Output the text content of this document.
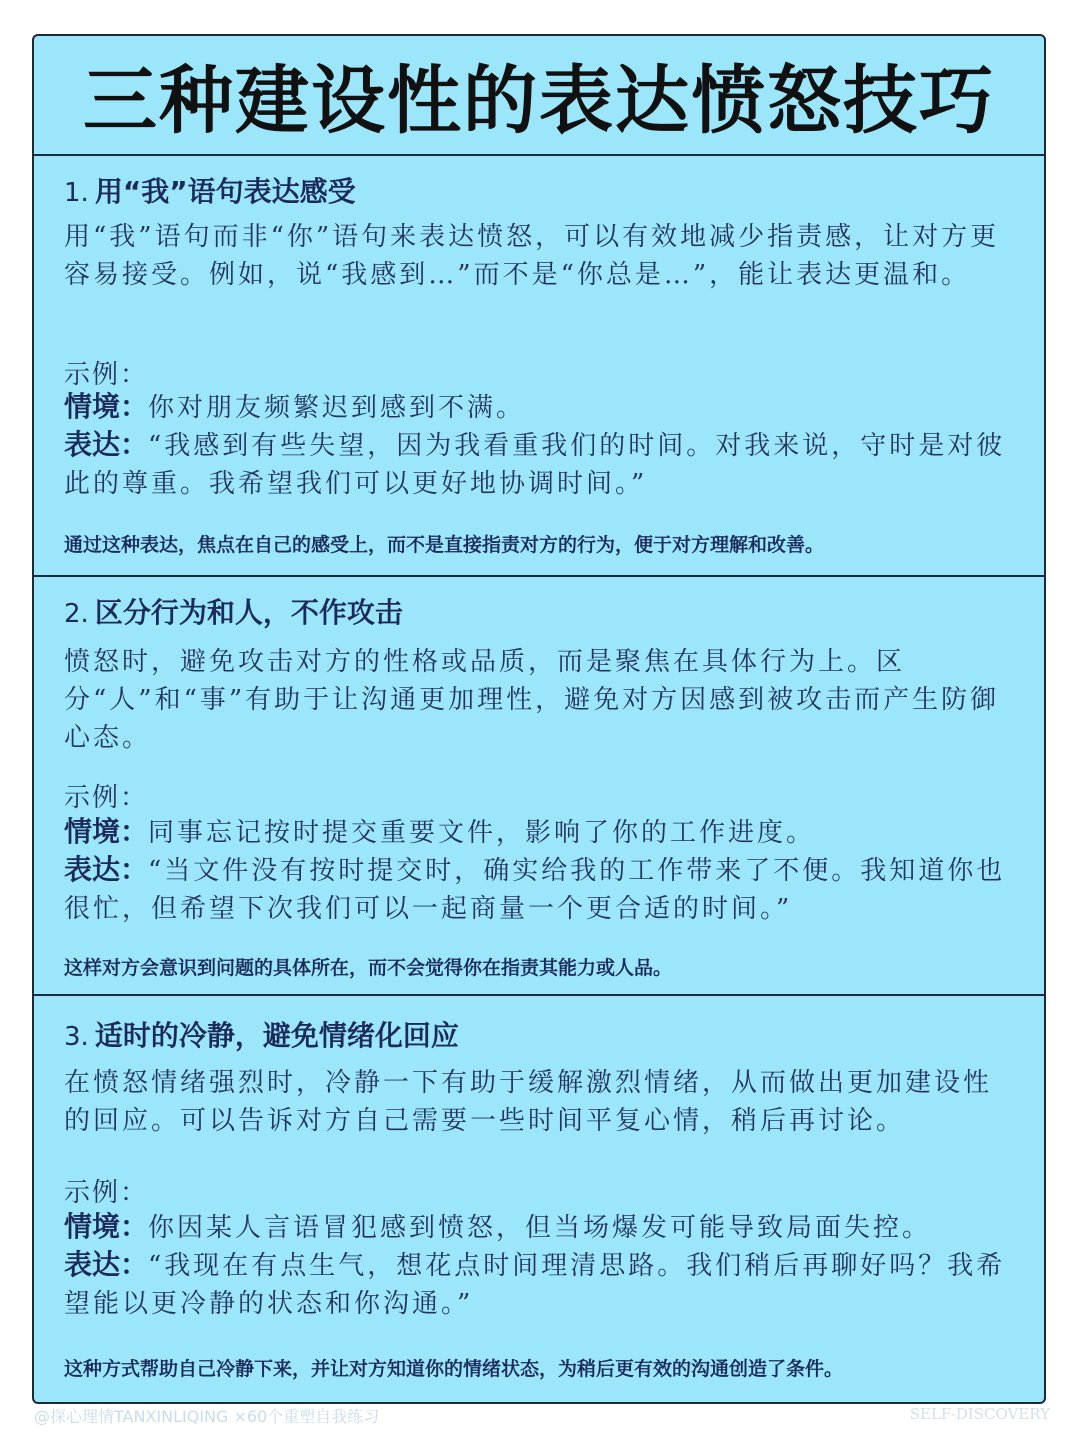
三种建设性的表达愤怒技巧
1. 用“我”语句表达感受

用“我”语句而非“你”语句来表达愤怒，可以有效地减少指责感，让对方更容易接受。例如，说“我感到…”而不是“你总是…”，能让表达更温和。

示例：

情境：你对朋友频繁迟到感到不满。

表达：“我感到有些失望，因为我看重我们的时间。对我来说，守时是对彼此的尊重。我希望我们可以更好地协调时间。”

通过这种表达，焦点在自己的感受上，而不是直接指责对方的行为，便于对方理解和改善。

2. 区分行为和人，不作攻击

愤怒时，避免攻击对方的性格或品质，而是聚焦在具体行为上。区分“人”和“事”有助于让沟通更加理性，避免对方因感到被攻击而产生防御心态。

示例：

情境：同事忘记按时提交重要文件，影响了你的工作进度。

表达：“当文件没有按时提交时，确实给我的工作带来了不便。我知道你也很忙，但希望下次我们可以一起商量一个更合适的时间。”

这样对方会意识到问题的具体所在，而不会觉得你在指责其能力或人品。

3. 适时的冷静，避免情绪化回应

在愤怒情绪强烈时，冷静一下有助于缓解激烈情绪，从而做出更加建设性的回应。可以告诉对方自己需要一些时间平复心情，稍后再讨论。

示例：

情境：你因某人言语冒犯感到愤怒，但当场爆发可能导致局面失控。

表达：“我现在有点生气，想花点时间理清思路。我们稍后再聊好吗？我希望能以更冷静的状态和你沟通。”

这种方式帮助自己冷静下来，并让对方知道你的情绪状态，为稍后更有效的沟通创造了条件。

@探心理情TANXINLIQING ×60个重塑自我练习	SELF-DISCOVERY
